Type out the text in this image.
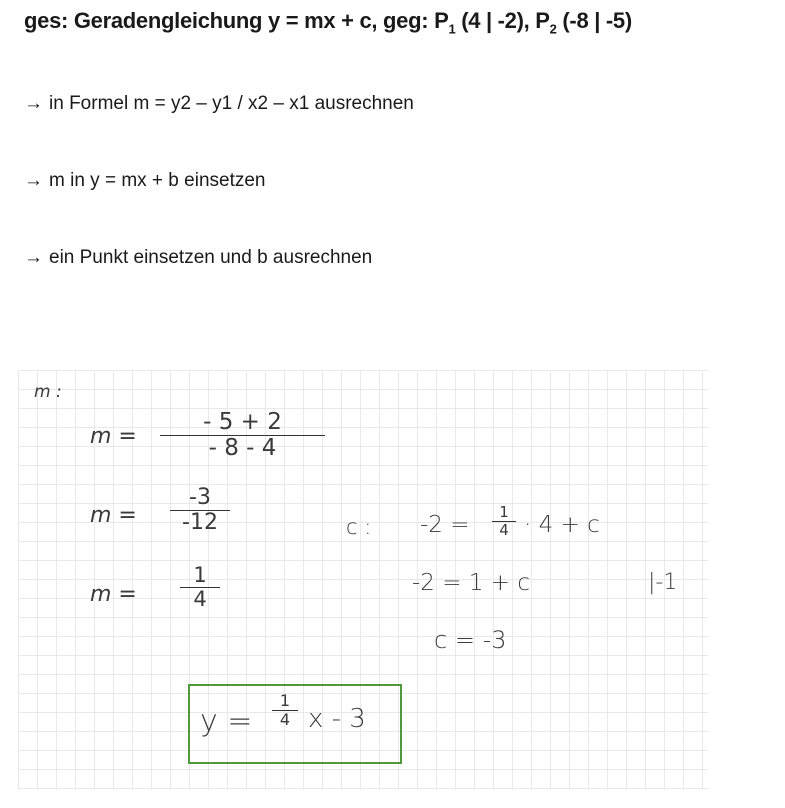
ges: Geradengleichung y = mx + c, geg: $P_1$ (4 | -2), $P_2$ (-8 | -5)
→ in Formel m = y2 – y1 / x2 – x1 ausrechnen
→ m in y = mx + b einsetzen
→ ein Punkt einsetzen und b ausrechnen
m :
m =
- 5 + 2
- 8 - 4
m =
-3
-12
m =
1
4
c : -2 = 1
4 · 4 + c
-2 = 1 + c	|-1
c = -3
y =
1
4 x - 3
